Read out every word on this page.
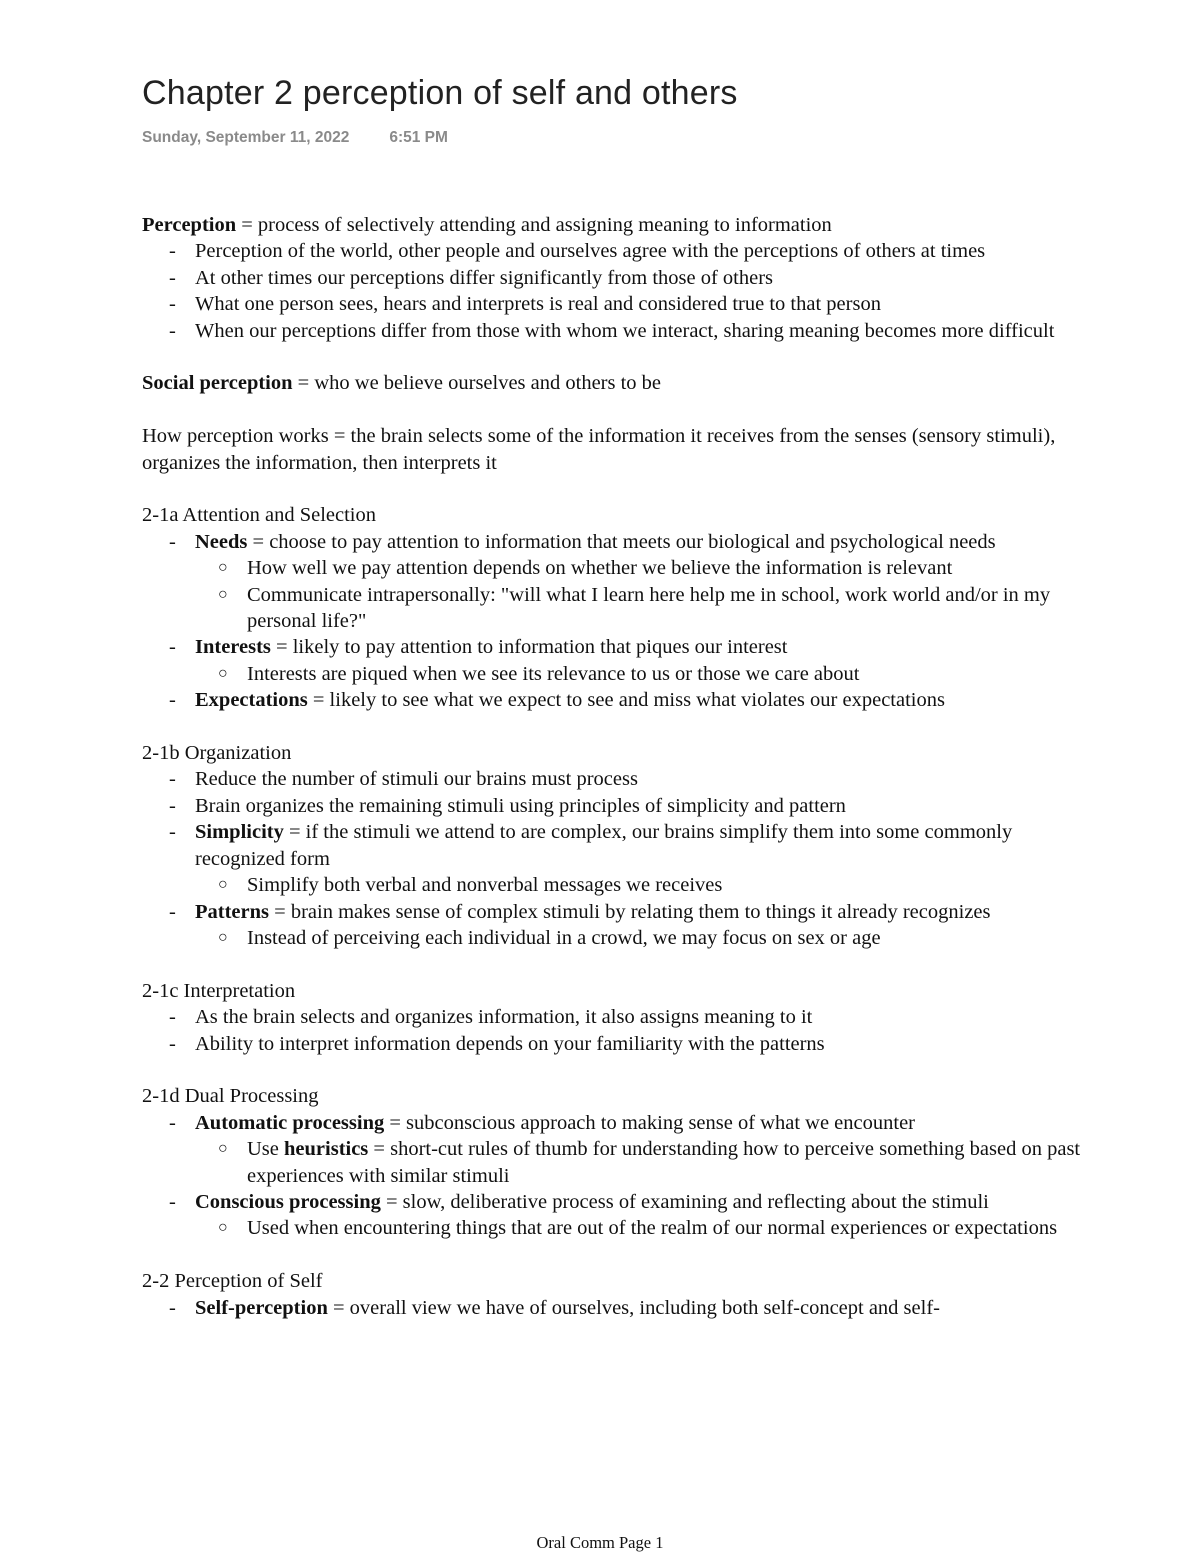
Chapter 2 perception of self and others
Sunday, September 11, 2022	6:51 PM

Perception = process of selectively attending and assigning meaning to information

- Perception of the world, other people and ourselves agree with the perceptions of others at times
- At other times our perceptions differ significantly from those of others
- What one person sees, hears and interprets is real and considered true to that person
- When our perceptions differ from those with whom we interact, sharing meaning becomes more difficult

Social perception = who we believe ourselves and others to be

How perception works = the brain selects some of the information it receives from the senses (sensory stimuli), organizes the information, then interprets it

2-1a Attention and Selection

- Needs = choose to pay attention to information that meets our biological and psychological needs
○ How well we pay attention depends on whether we believe the information is relevant
○ Communicate intrapersonally: "will what I learn here help me in school, work world and/or in my personal life?"
- Interests = likely to pay attention to information that piques our interest
○ Interests are piqued when we see its relevance to us or those we care about
- Expectations = likely to see what we expect to see and miss what violates our expectations

2-1b Organization

- Reduce the number of stimuli our brains must process
- Brain organizes the remaining stimuli using principles of simplicity and pattern
- Simplicity = if the stimuli we attend to are complex, our brains simplify them into some commonly recognized form
○ Simplify both verbal and nonverbal messages we receives
- Patterns = brain makes sense of complex stimuli by relating them to things it already recognizes
○ Instead of perceiving each individual in a crowd, we may focus on sex or age

2-1c Interpretation

- As the brain selects and organizes information, it also assigns meaning to it
- Ability to interpret information depends on your familiarity with the patterns

2-1d Dual Processing

- Automatic processing = subconscious approach to making sense of what we encounter
○ Use heuristics = short-cut rules of thumb for understanding how to perceive something based on past experiences with similar stimuli
- Conscious processing = slow, deliberative process of examining and reflecting about the stimuli
○ Used when encountering things that are out of the realm of our normal experiences or expectations

2-2 Perception of Self

- Self-perception = overall view we have of ourselves, including both self-concept and self-
Oral Comm Page 1
